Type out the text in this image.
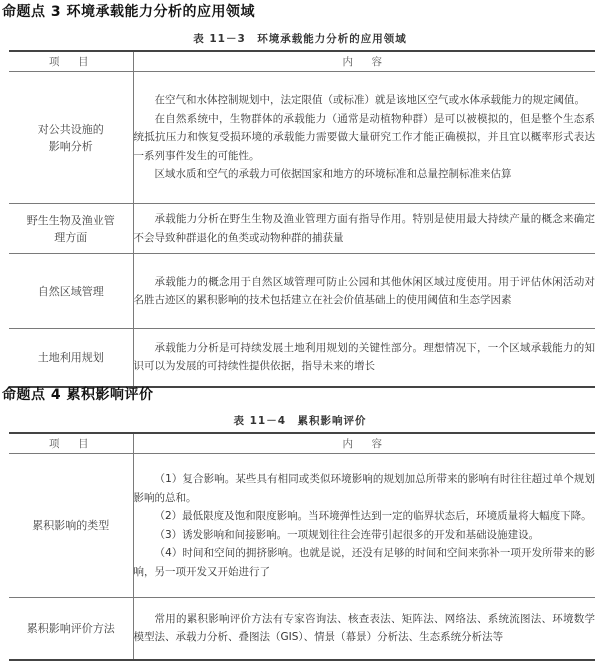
命题点 3 环境承载能力分析的应用领域
表 11－3　环境承载能力分析的应用领域
项　目	内　容
对公共设施的影响分析	在空气和水体控制规划中，法定限值（或标准）就是该地区空气或水体承载能力的规定阈值。

在自然系统中，生物群体的承载能力（通常是动植物种群）是可以被模拟的，但是整个生态系统抵抗压力和恢复受损环境的承载能力需要做大量研究工作才能正确模拟，并且宜以概率形式表达一系列事件发生的可能性。

区域水质和空气的承载力可依据国家和地方的环境标准和总量控制标准来估算

野生生物及渔业管理方面	承载能力分析在野生生物及渔业管理方面有指导作用。特别是使用最大持续产量的概念来确定不会导致种群退化的鱼类或动物种群的捕获量

自然区域管理	承载能力的概念用于自然区域管理可防止公园和其他休闲区域过度使用。用于评估休闲活动对名胜古迹区的累积影响的技术包括建立在社会价值基础上的使用阈值和生态学因素

土地利用规划	承载能力分析是可持续发展土地利用规划的关键性部分。理想情况下，一个区域承载能力的知识可以为发展的可持续性提供依据，指导未来的增长

命题点 4 累积影响评价
表 11－4　累积影响评价
项　目	内　容
累积影响的类型	（1）复合影响。某些具有相同或类似环境影响的规划加总所带来的影响有时往往超过单个规划影响的总和。

（2）最低限度及饱和限度影响。当环境弹性达到一定的临界状态后，环境质量将大幅度下降。

（3）诱发影响和间接影响。一项规划往往会连带引起很多的开发和基础设施建设。

（4）时间和空间的拥挤影响。也就是说，还没有足够的时间和空间来弥补一项开发所带来的影响，另一项开发又开始进行了

累积影响评价方法	常用的累积影响评价方法有专家咨询法、核查表法、矩阵法、网络法、系统流图法、环境数学模型法、承载力分析、叠图法（GIS）、情景（幕景）分析法、生态系统分析法等
